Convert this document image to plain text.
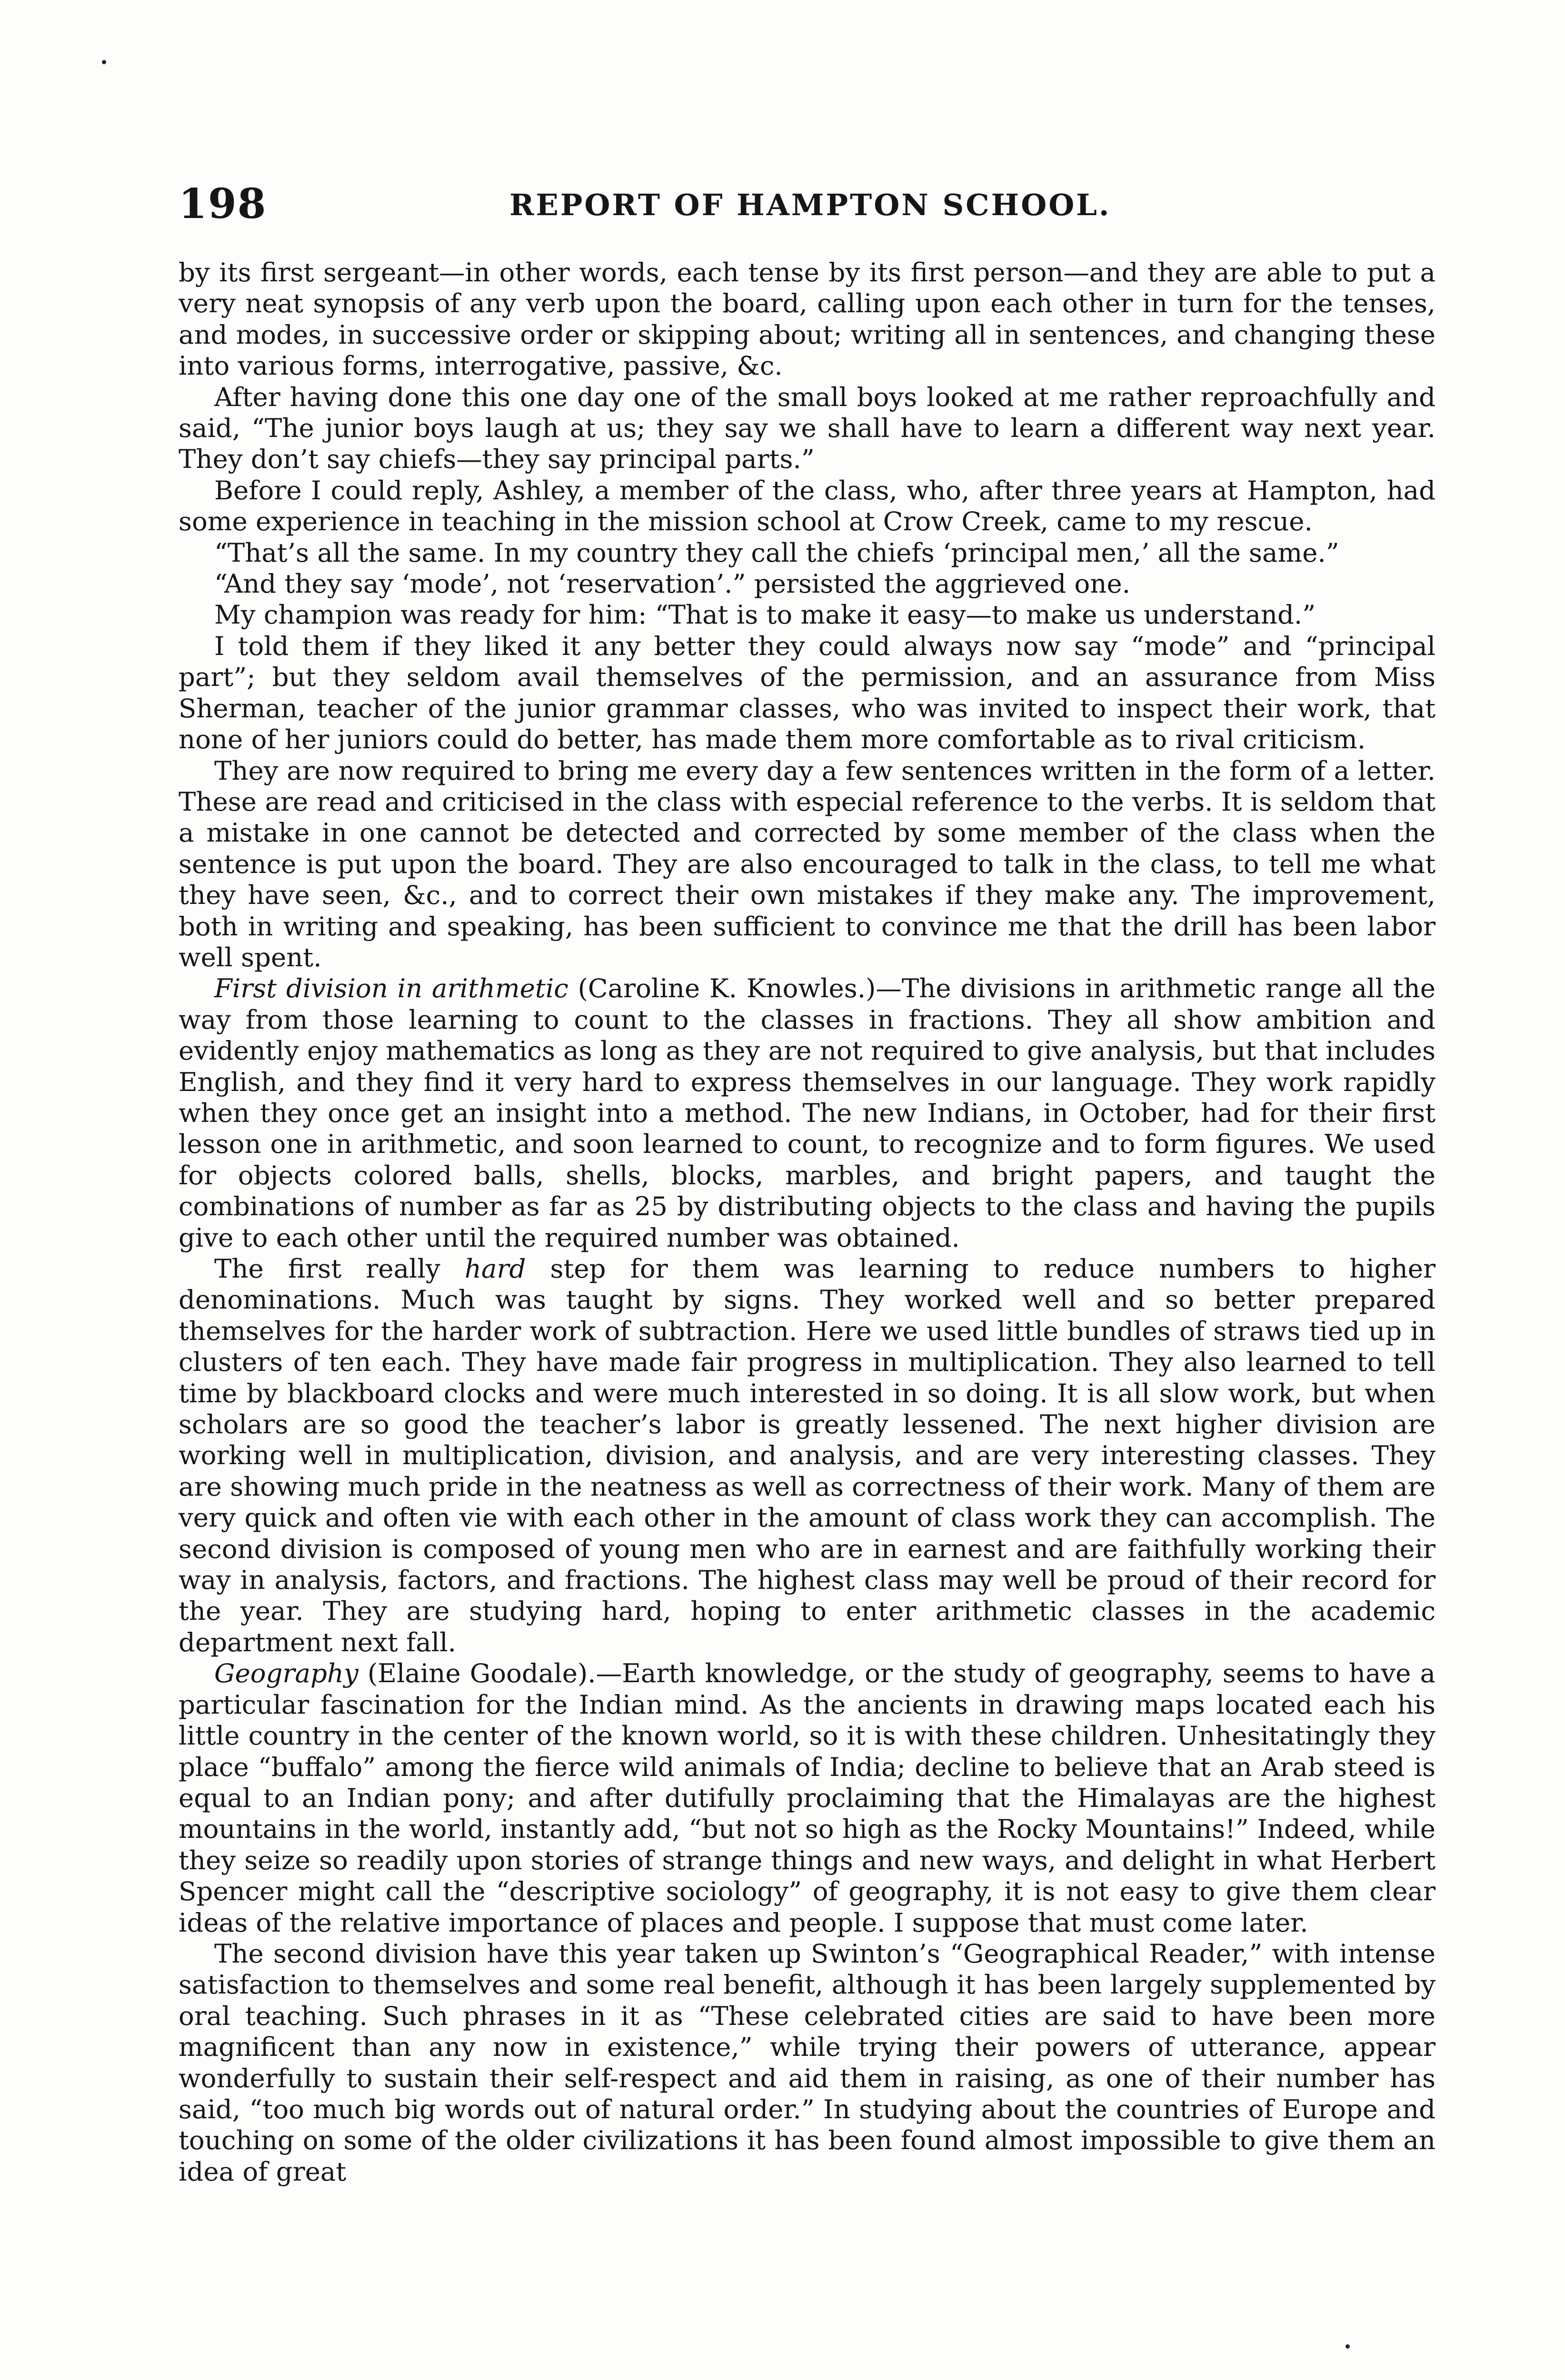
198	REPORT OF HAMPTON SCHOOL.

by its first sergeant—in other words, each tense by its first person—and they are able to put a very neat synopsis of any verb upon the board, calling upon each other in turn for the tenses, and modes, in successive order or skipping about; writing all in sentences, and changing these into various forms, interrogative, passive, &c.

After having done this one day one of the small boys looked at me rather reproachfully and said, “The junior boys laugh at us; they say we shall have to learn a different way next year. They don’t say chiefs—they say principal parts.”

Before I could reply, Ashley, a member of the class, who, after three years at Hampton, had some experience in teaching in the mission school at Crow Creek, came to my rescue.

“That’s all the same. In my country they call the chiefs ‘principal men,’ all the same.”

“And they say ‘mode’, not ‘reservation’.” persisted the aggrieved one.

My champion was ready for him: “That is to make it easy—to make us understand.”

I told them if they liked it any better they could always now say “mode” and “principal part”; but they seldom avail themselves of the permission, and an assurance from Miss Sherman, teacher of the junior grammar classes, who was invited to inspect their work, that none of her juniors could do better, has made them more comfortable as to rival criticism.

They are now required to bring me every day a few sentences written in the form of a letter. These are read and criticised in the class with especial reference to the verbs. It is seldom that a mistake in one cannot be detected and corrected by some member of the class when the sentence is put upon the board. They are also encouraged to talk in the class, to tell me what they have seen, &c., and to correct their own mistakes if they make any. The improvement, both in writing and speaking, has been sufficient to convince me that the drill has been labor well spent.

First division in arithmetic (Caroline K. Knowles.)—The divisions in arithmetic range all the way from those learning to count to the classes in fractions. They all show ambition and evidently enjoy mathematics as long as they are not required to give analysis, but that includes English, and they find it very hard to express themselves in our language. They work rapidly when they once get an insight into a method. The new Indians, in October, had for their first lesson one in arithmetic, and soon learned to count, to recognize and to form figures. We used for objects colored balls, shells, blocks, marbles, and bright papers, and taught the combinations of number as far as 25 by distributing objects to the class and having the pupils give to each other until the required number was obtained.

The first really hard step for them was learning to reduce numbers to higher denominations. Much was taught by signs. They worked well and so better prepared themselves for the harder work of subtraction. Here we used little bundles of straws tied up in clusters of ten each. They have made fair progress in multiplication. They also learned to tell time by blackboard clocks and were much interested in so doing. It is all slow work, but when scholars are so good the teacher’s labor is greatly lessened. The next higher division are working well in multiplication, division, and analysis, and are very interesting classes. They are showing much pride in the neatness as well as correctness of their work. Many of them are very quick and often vie with each other in the amount of class work they can accomplish. The second division is composed of young men who are in earnest and are faithfully working their way in analysis, factors, and fractions. The highest class may well be proud of their record for the year. They are studying hard, hoping to enter arithmetic classes in the academic department next fall.

Geography (Elaine Goodale).—Earth knowledge, or the study of geography, seems to have a particular fascination for the Indian mind. As the ancients in drawing maps located each his little country in the center of the known world, so it is with these children. Unhesitatingly they place “buffalo” among the fierce wild animals of India; decline to believe that an Arab steed is equal to an Indian pony; and after dutifully proclaiming that the Himalayas are the highest mountains in the world, instantly add, “but not so high as the Rocky Mountains!” Indeed, while they seize so readily upon stories of strange things and new ways, and delight in what Herbert Spencer might call the “descriptive sociology” of geography, it is not easy to give them clear ideas of the relative importance of places and people. I suppose that must come later.

The second division have this year taken up Swinton’s “Geographical Reader,” with intense satisfaction to themselves and some real benefit, although it has been largely supplemented by oral teaching. Such phrases in it as “These celebrated cities are said to have been more magnificent than any now in existence,” while trying their powers of utterance, appear wonderfully to sustain their self-respect and aid them in raising, as one of their number has said, “too much big words out of natural order.” In studying about the countries of Europe and touching on some of the older civilizations it has been found almost impossible to give them an idea of great
